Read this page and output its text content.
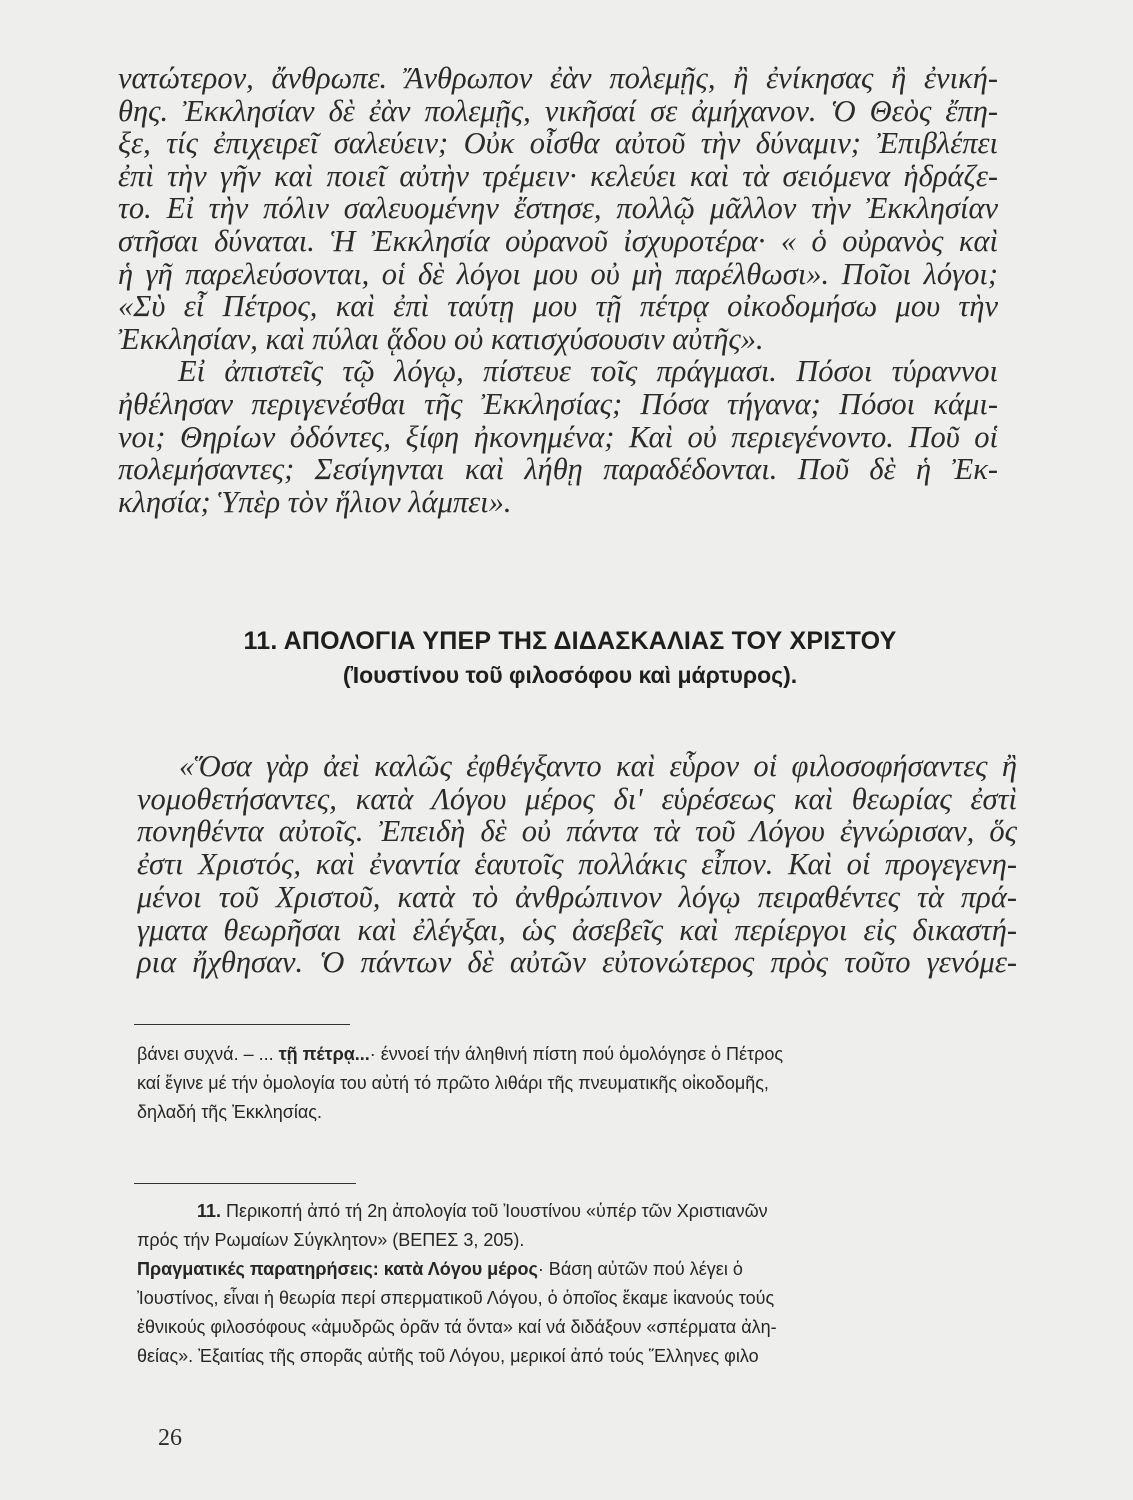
νατώτερον, ἄνθρωπε. Ἄνθρωπον ἐὰν πολεμῇς, ἢ ἐνίκησας ἢ ἐνική-
θης. Ἐκκλησίαν δὲ ἐὰν πολεμῇς, νικῆσαί σε ἀμήχανον. Ὁ Θεὸς ἔπη-
ξε, τίς ἐπιχειρεῖ σαλεύειν; Οὐκ οἶσθα αὐτοῦ τὴν δύναμιν; Ἐπιβλέπει
ἐπὶ τὴν γῆν καὶ ποιεῖ αὐτὴν τρέμειν· κελεύει καὶ τὰ σειόμενα ἡδράζε-
το. Εἰ τὴν πόλιν σαλευομένην ἔστησε, πολλῷ μᾶλλον τὴν Ἐκκλησίαν
στῆσαι δύναται. Ἡ Ἐκκλησία οὐρανοῦ ἰσχυροτέρα· « ὁ οὐρανὸς καὶ
ἡ γῆ παρελεύσονται, οἱ δὲ λόγοι μου οὐ μὴ παρέλθωσι». Ποῖοι λόγοι;
«Σὺ εἶ Πέτρος, καὶ ἐπὶ ταύτῃ μου τῇ πέτρᾳ οἰκοδομήσω μου τὴν
Ἐκκλησίαν, καὶ πύλαι ᾅδου οὐ κατισχύσουσιν αὐτῆς».
Εἰ ἀπιστεῖς τῷ λόγῳ, πίστευε τοῖς πράγμασι. Πόσοι τύραννοι
ἠθέλησαν περιγενέσθαι τῆς Ἐκκλησίας; Πόσα τήγανα; Πόσοι κάμι-
νοι; Θηρίων ὀδόντες, ξίφη ἠκονημένα; Καὶ οὐ περιεγένοντο. Ποῦ οἱ
πολεμήσαντες; Σεσίγηνται καὶ λήθῃ παραδέδονται. Ποῦ δὲ ἡ Ἐκ-
κλησία; Ὑπὲρ τὸν ἥλιον λάμπει».
11. ΑΠΟΛΟΓΙΑ ΥΠΕΡ ΤΗΣ ΔΙΔΑΣΚΑΛΙΑΣ ΤΟΥ ΧΡΙΣΤΟΥ
(Ἰουστίνου τοῦ φιλοσόφου καὶ μάρτυρος).
«Ὅσα γὰρ ἀεὶ καλῶς ἐφθέγξαντο καὶ εὗρον οἱ φιλοσοφήσαντες ἢ
νομοθετήσαντες, κατὰ Λόγου μέρος δι' εὑρέσεως καὶ θεωρίας ἐστὶ
πονηθέντα αὐτοῖς. Ἐπειδὴ δὲ οὐ πάντα τὰ τοῦ Λόγου ἐγνώρισαν, ὅς
ἐστι Χριστός, καὶ ἐναντία ἑαυτοῖς πολλάκις εἶπον. Καὶ οἱ προγεγενη-
μένοι τοῦ Χριστοῦ, κατὰ τὸ ἀνθρώπινον λόγῳ πειραθέντες τὰ πρά-
γματα θεωρῆσαι καὶ ἐλέγξαι, ὡς ἀσεβεῖς καὶ περίεργοι εἰς δικαστή-
ρια ἤχθησαν. Ὁ πάντων δὲ αὐτῶν εὐτονώτερος πρὸς τοῦτο γενόμε-
βάνει συχνά. – ... τῇ πέτρᾳ...· έννοεί τήν άληθινή πίστη πού ὁμολόγησε ὁ Πέτρος
καί ἔγινε μέ τήν ὁμολογία του αὐτή τό πρῶτο λιθάρι τῆς πνευματικῆς οἰκοδομῆς,
δηλαδή τῆς Ἐκκλησίας.
11. Περικοπή ἀπό τή 2η ἀπολογία τοῦ Ἰουστίνου «ὑπέρ τῶν Χριστιανῶν
πρός τήν Ρωμαίων Σύγκλητον» (ΒΕΠΕΣ 3, 205).
Πραγματικές παρατηρήσεις: κατὰ Λόγου μέρος· Βάση αὐτῶν πού λέγει ὁ
Ἰουστίνος, εἶναι ἡ θεωρία περί σπερματικοῦ Λόγου, ὁ ὁποῖος ἔκαμε ἱκανούς τούς
ἐθνικούς φιλοσόφους «ἀμυδρῶς ὁρᾶν τά ὄντα» καί νά διδάξουν «σπέρματα ἀλη-
θείας». Ἐξαιτίας τῆς σπορᾶς αὐτῆς τοῦ Λόγου, μερικοί ἀπό τούς Ἕλληνες φιλο
26
